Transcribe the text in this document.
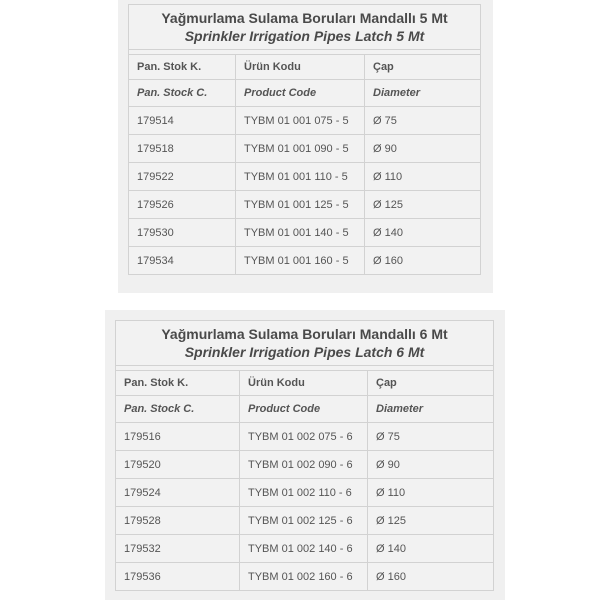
Yağmurlama Sulama Boruları Mandallı 5 Mt
Sprinkler Irrigation Pipes Latch 5 Mt		

Pan. Stok K.	Ürün Kodu	Çap
Pan. Stock C.	Product Code	Diameter
179514	TYBM 01 001 075 - 5	Ø 75
179518	TYBM 01 001 090 - 5	Ø 90
179522	TYBM 01 001 110 - 5	Ø 110
179526	TYBM 01 001 125 - 5	Ø 125
179530	TYBM 01 001 140 - 5	Ø 140
179534	TYBM 01 001 160 - 5	Ø 160
Yağmurlama Sulama Boruları Mandallı 6 Mt
Sprinkler Irrigation Pipes Latch 6 Mt		

Pan. Stok K.	Ürün Kodu	Çap
Pan. Stock C.	Product Code	Diameter
179516	TYBM 01 002 075 - 6	Ø 75
179520	TYBM 01 002 090 - 6	Ø 90
179524	TYBM 01 002 110 - 6	Ø 110
179528	TYBM 01 002 125 - 6	Ø 125
179532	TYBM 01 002 140 - 6	Ø 140
179536	TYBM 01 002 160 - 6	Ø 160
